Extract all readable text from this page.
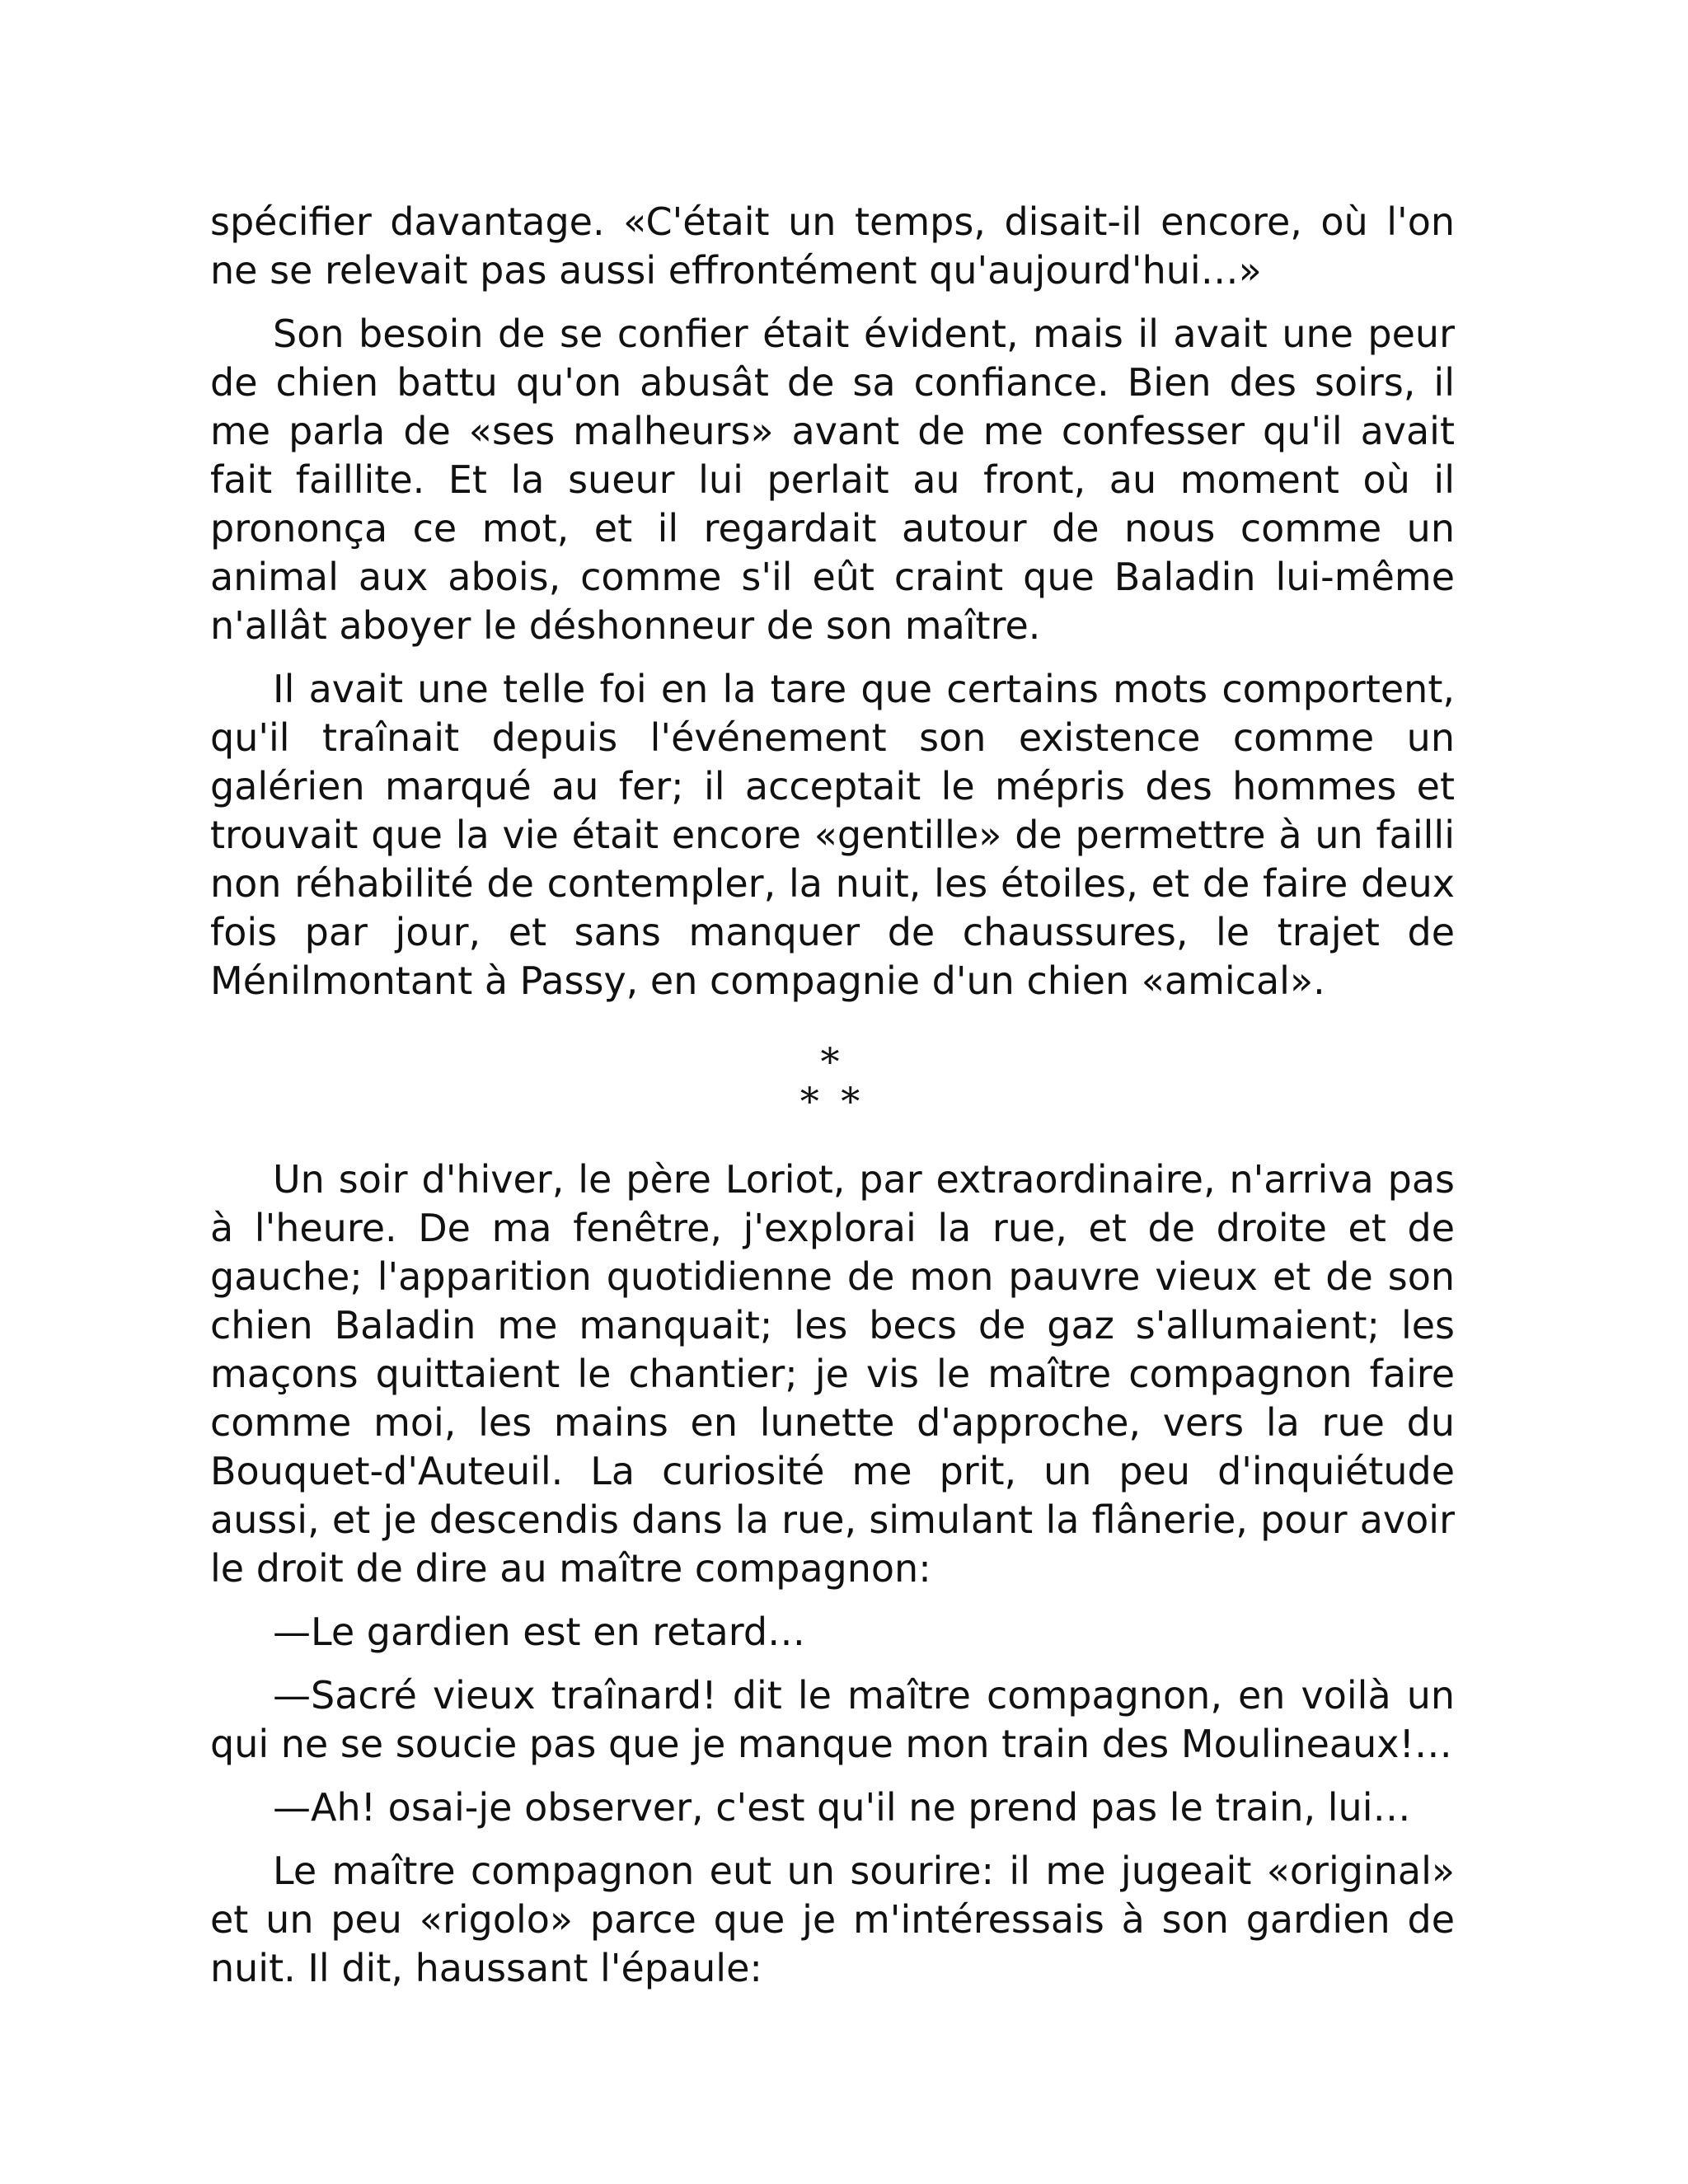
spécifier davantage. «C'était un temps, disait-il encore, où l'on ne se relevait pas aussi effrontément qu'aujourd'hui…»

Son besoin de se confier était évident, mais il avait une peur de chien battu qu'on abusât de sa confiance. Bien des soirs, il me parla de «ses malheurs» avant de me confesser qu'il avait fait faillite. Et la sueur lui perlait au front, au moment où il prononça ce mot, et il regardait autour de nous comme un animal aux abois, comme s'il eût craint que Baladin lui-même n'allât aboyer le déshonneur de son maître.

Il avait une telle foi en la tare que certains mots comportent, qu'il traînait depuis l'événement son existence comme un galérien marqué au fer; il acceptait le mépris des hommes et trouvait que la vie était encore «gentille» de permettre à un failli non réhabilité de contempler, la nuit, les étoiles, et de faire deux fois par jour, et sans manquer de chaussures, le trajet de Ménilmontant à Passy, en compagnie d'un chien «amical».

*
* *

Un soir d'hiver, le père Loriot, par extraordinaire, n'arriva pas à l'heure. De ma fenêtre, j'explorai la rue, et de droite et de gauche; l'apparition quotidienne de mon pauvre vieux et de son chien Baladin me manquait; les becs de gaz s'allumaient; les maçons quittaient le chantier; je vis le maître compagnon faire comme moi, les mains en lunette d'approche, vers la rue du Bouquet-d'Auteuil. La curiosité me prit, un peu d'inquiétude aussi, et je descendis dans la rue, simulant la flânerie, pour avoir le droit de dire au maître compagnon:

—Le gardien est en retard…

—Sacré vieux traînard! dit le maître compagnon, en voilà un qui ne se soucie pas que je manque mon train des Moulineaux!…

—Ah! osai-je observer, c'est qu'il ne prend pas le train, lui…

Le maître compagnon eut un sourire: il me jugeait «original» et un peu «rigolo» parce que je m'intéressais à son gardien de nuit. Il dit, haussant l'épaule:
